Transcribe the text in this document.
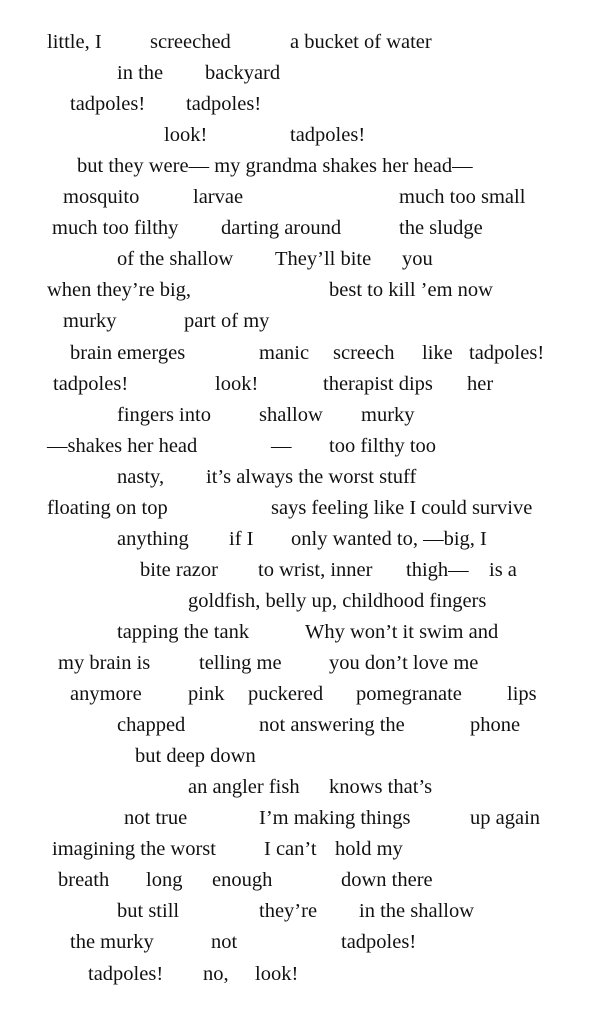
little, I screeched	a bucket of water
in the backyard
tadpoles! tadpoles!
look!	tadpoles!
but they were— my grandma shakes her head—
mosquito	larvae	much too small
much too filthy darting around	the sludge
of the shallow They’ll bite you
when they’re big,	best to kill ’em now
murky	part of my
brain emerges	manic screech like tadpoles!
tadpoles!	look!	therapist dips her
fingers into shallow murky
—shakes her head	— too filthy too
nasty, it’s always the worst stuff
floating on top	says feeling like I could survive
anything if I only wanted to, —big, I
bite razor to wrist, inner thigh— is a
goldfish, belly up, childhood fingers
tapping the tank	Why won’t it swim and
my brain is telling me you don’t love me
anymore pink puckered pomegranate lips
chapped	not answering the	phone
but deep down
an angler fish knows that’s
not true	I’m making things	up again
imagining the worst I can’t hold my
breath long enough	down there
but still	they’re in the shallow
the murky	not	tadpoles!
tadpoles! no, look!
